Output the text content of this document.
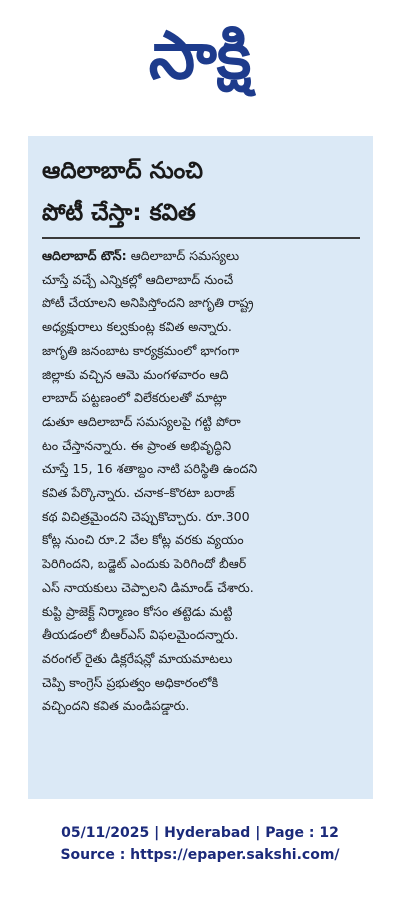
సాక్షి
ఆదిలాబాద్ నుంచి
పోటీ చేస్తా: కవిత
ఆదిలాబాద్ టౌన్: ఆదిలాబాద్ సమస్యలు
చూస్తే వచ్చే ఎన్నికల్లో ఆదిలాబాద్ నుంచే
పోటీ చేయాలని అనిపిస్తోందని జాగృతి రాష్ట్ర
అధ్యక్షురాలు కల్వకుంట్ల కవిత అన్నారు.
జాగృతి జనంబాట కార్యక్రమంలో భాగంగా
జిల్లాకు వచ్చిన ఆమె మంగళవారం ఆది
లాబాద్ పట్టణంలో విలేకరులతో మాట్లా
డుతూ ఆదిలాబాద్ సమస్యలపై గట్టి పోరా
టం చేస్తానన్నారు. ఈ ప్రాంత అభివృద్ధిని
చూస్తే 15, 16 శతాబ్దం నాటి పరిస్థితి ఉందని
కవిత పేర్కొన్నారు. చనాక–కొరటా బరాజ్
కథ విచిత్రమైందని చెప్పుకొచ్చారు. రూ.300
కోట్ల నుంచి రూ.2 వేల కోట్ల వరకు వ్యయం
పెరిగిందని, బడ్జెట్ ఎందుకు పెరిగిందో బీఆర్
ఎస్ నాయకులు చెప్పాలని డిమాండ్ చేశారు.
కుప్టి ప్రాజెక్ట్ నిర్మాణం కోసం తట్టెడు మట్టి
తీయడంలో బీఆర్ఎస్ విఫలమైందన్నారు.
వరంగల్ రైతు డిక్లరేషన్లో మాయమాటలు
చెప్పి కాంగ్రెస్ ప్రభుత్వం అధికారంలోకి
వచ్చిందని కవిత మండిపడ్డారు.
05/11/2025 | Hyderabad | Page : 12
Source : https://epaper.sakshi.com/
